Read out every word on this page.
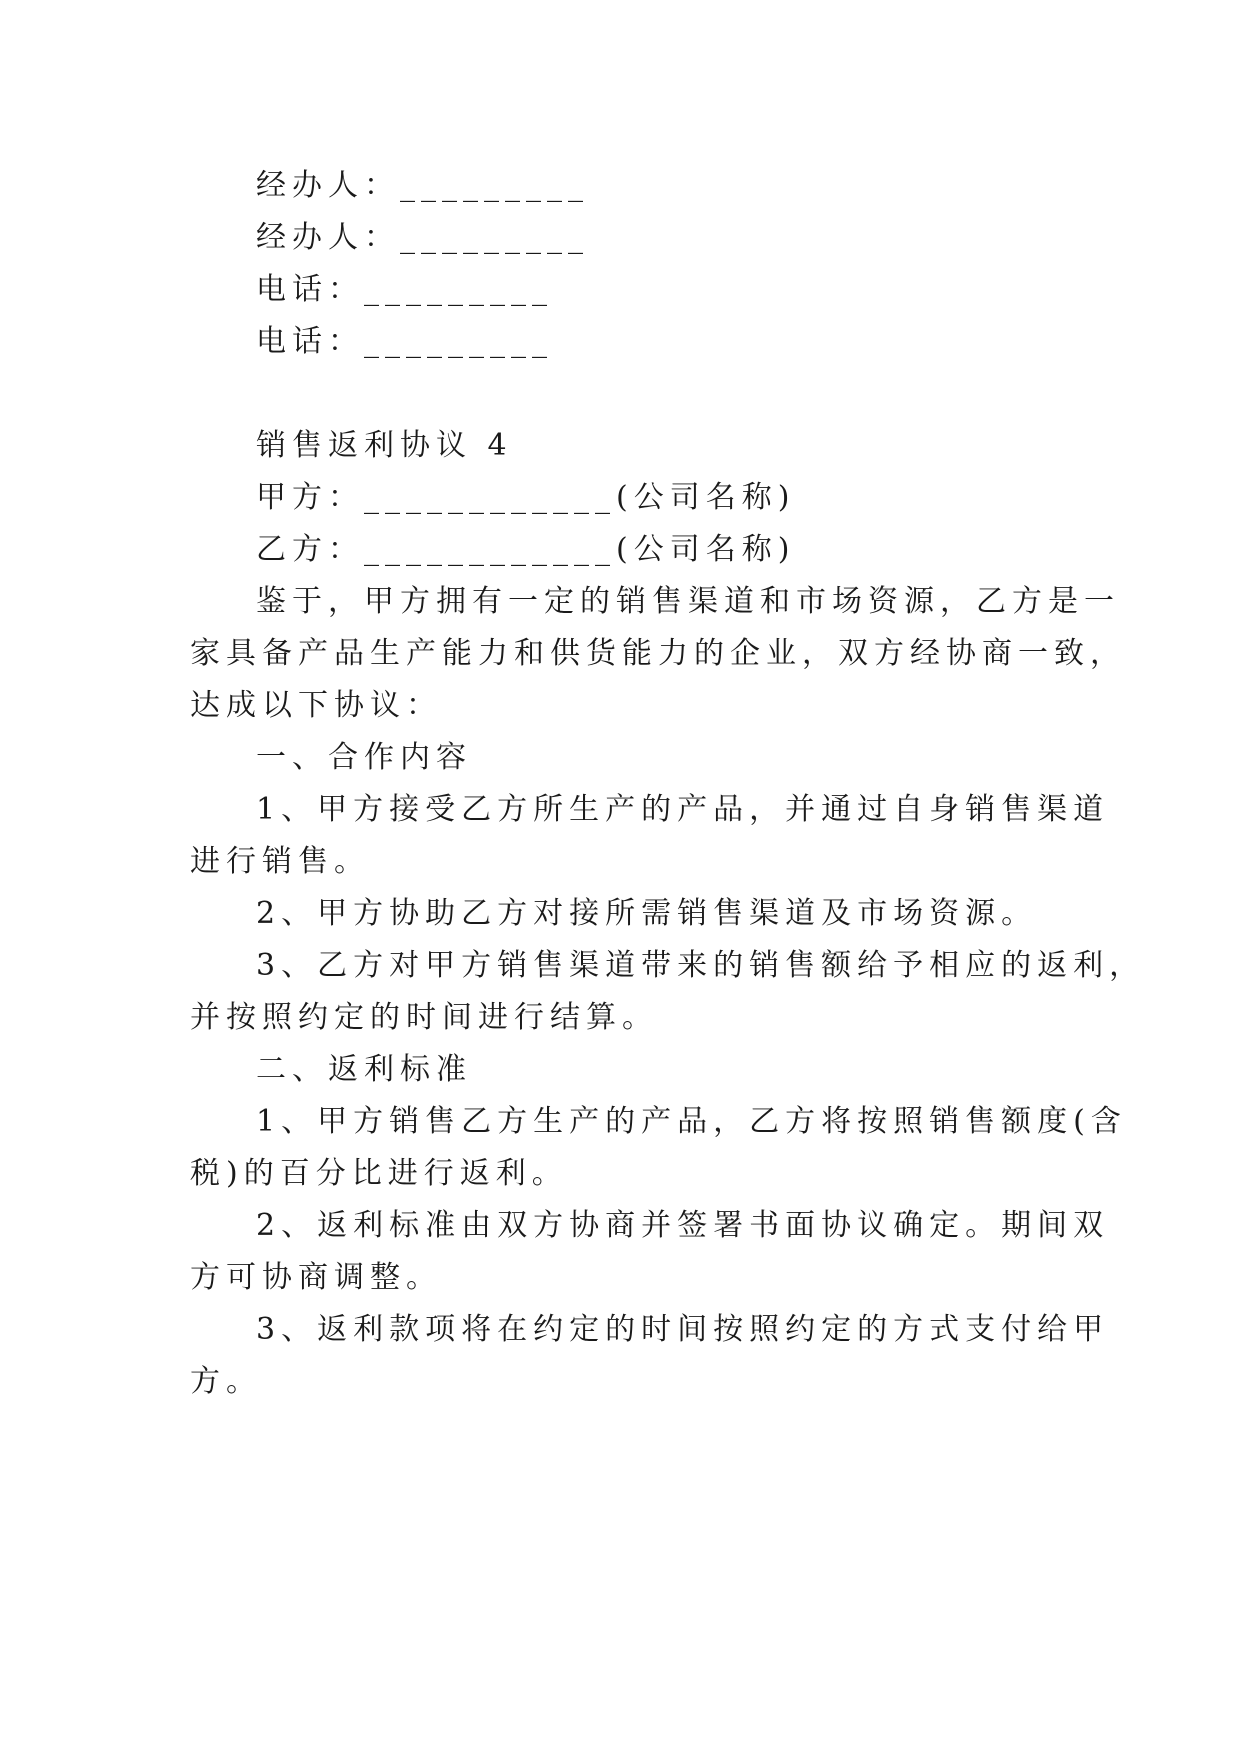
经办人：_________
经办人：_________
电话：_________
电话：_________
销售返利协议 4
甲方：____________(公司名称)
乙方：____________(公司名称)
鉴于，甲方拥有一定的销售渠道和市场资源，乙方是一
家具备产品生产能力和供货能力的企业，双方经协商一致，
达成以下协议：
一、合作内容
1、甲方接受乙方所生产的产品，并通过自身销售渠道
进行销售。
2、甲方协助乙方对接所需销售渠道及市场资源。
3、乙方对甲方销售渠道带来的销售额给予相应的返利，
并按照约定的时间进行结算。
二、返利标准
1、甲方销售乙方生产的产品，乙方将按照销售额度(含
税)的百分比进行返利。
2、返利标准由双方协商并签署书面协议确定。期间双
方可协商调整。
3、返利款项将在约定的时间按照约定的方式支付给甲
方。
